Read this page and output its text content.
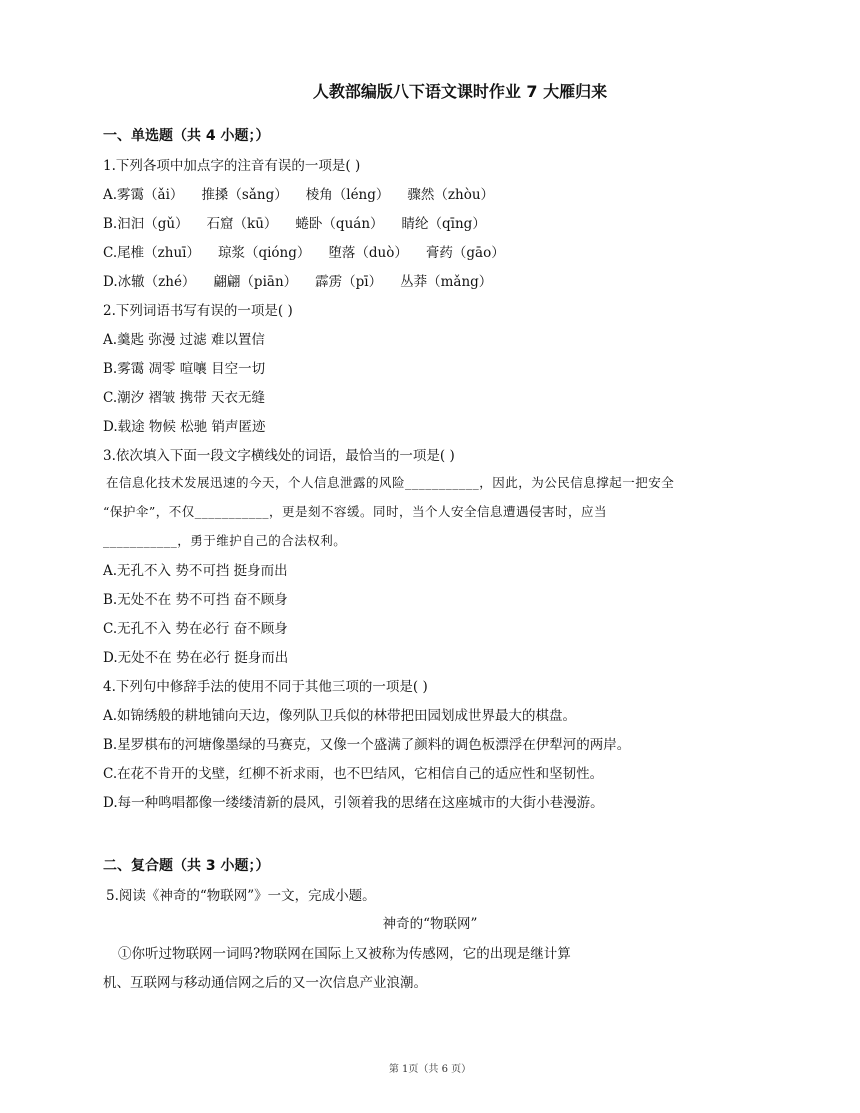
人教部编版八下语文课时作业 7 大雁归来
一、单选题（共 4 小题；）
1.下列各项中加点字的注音有误的一项是( )
A.雾霭（ǎi） 推搡（sǎng） 棱角（léng） 骤然（zhòu）
B.汩汩（gǔ） 石窟（kū） 蜷卧（quán） 睛纶（qīng）
C.尾椎（zhuī） 琼浆（qióng） 堕落（duò） 膏药（gāo）
D.冰辙（zhé） 翩翩（piān） 霹雳（pī） 丛莽（mǎng）
2.下列词语书写有误的一项是( )
A.羹匙 弥漫 过滤 难以置信
B.雾霭 凋零 喧嚷 目空一切
C.潮汐 褶皱 携带 天衣无缝
D.载途 物候 松驰 销声匿迹
3.依次填入下面一段文字横线处的词语，最恰当的一项是( )
在信息化技术发展迅速的今天，个人信息泄露的风险___________，因此，为公民信息撑起一把安全
“保护伞”，不仅___________，更是刻不容缓。同时，当个人安全信息遭遇侵害时，应当
___________，勇于维护自己的合法权利。
A.无孔不入 势不可挡 挺身而出
B.无处不在 势不可挡 奋不顾身
C.无孔不入 势在必行 奋不顾身
D.无处不在 势在必行 挺身而出
4.下列句中修辞手法的使用不同于其他三项的一项是( )
A.如锦绣般的耕地铺向天边，像列队卫兵似的林带把田园划成世界最大的棋盘。
B.星罗棋布的河塘像墨绿的马赛克，又像一个盛满了颜料的调色板漂浮在伊犁河的两岸。
C.在花不肯开的戈壁，红柳不祈求雨，也不巴结风，它相信自己的适应性和坚韧性。
D.每一种鸣唱都像一缕缕清新的晨风，引领着我的思绪在这座城市的大街小巷漫游。
二、复合题（共 3 小题；）
5.阅读《神奇的“物联网”》一文，完成小题。
神奇的“物联网”
①你听过物联网一词吗?物联网在国际上又被称为传感网，它的出现是继计算
机、互联网与移动通信网之后的又一次信息产业浪潮。
第 1页（共 6 页）
